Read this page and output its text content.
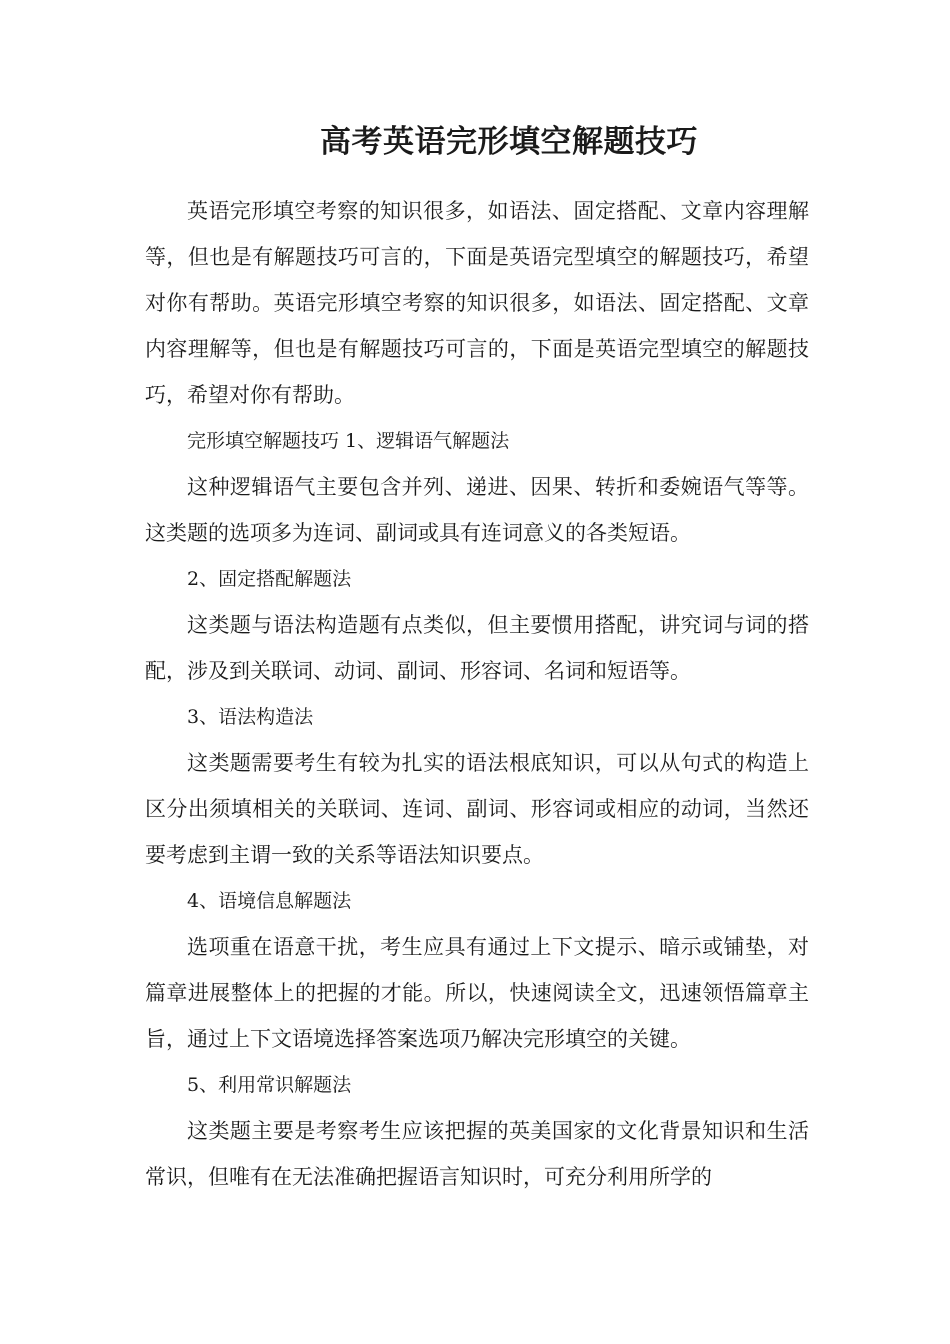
高考英语完形填空解题技巧

英语完形填空考察的知识很多，如语法、固定搭配、文章内容理解等，但也是有解题技巧可言的，下面是英语完型填空的解题技巧，希望对你有帮助。英语完形填空考察的知识很多，如语法、固定搭配、文章内容理解等，但也是有解题技巧可言的，下面是英语完型填空的解题技巧，希望对你有帮助。

完形填空解题技巧 1、逻辑语气解题法

这种逻辑语气主要包含并列、递进、因果、转折和委婉语气等等。这类题的选项多为连词、副词或具有连词意义的各类短语。

2、固定搭配解题法

这类题与语法构造题有点类似，但主要惯用搭配，讲究词与词的搭配，涉及到关联词、动词、副词、形容词、名词和短语等。

3、语法构造法

这类题需要考生有较为扎实的语法根底知识，可以从句式的构造上区分出须填相关的关联词、连词、副词、形容词或相应的动词，当然还要考虑到主谓一致的关系等语法知识要点。

4、语境信息解题法

选项重在语意干扰，考生应具有通过上下文提示、暗示或铺垫，对篇章进展整体上的把握的才能。所以，快速阅读全文，迅速领悟篇章主旨，通过上下文语境选择答案选项乃解决完形填空的关键。

5、利用常识解题法

这类题主要是考察考生应该把握的英美国家的文化背景知识和生活常识，但唯有在无法准确把握语言知识时，可充分利用所学的
